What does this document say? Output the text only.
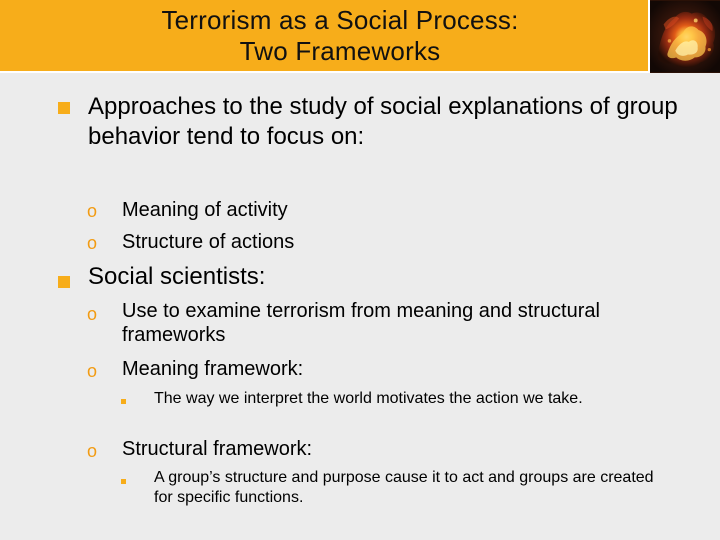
Terrorism as a Social Process:
Two Frameworks
Approaches to the study of social explanations of group behavior tend to focus on:
o Meaning of activity
o Structure of actions
Social scientists:
o Use to examine terrorism from meaning and structural frameworks
o Meaning framework:
The way we interpret the world motivates the action we take.
o Structural framework:
A group’s structure and purpose cause it to act and groups are created for specific functions.
